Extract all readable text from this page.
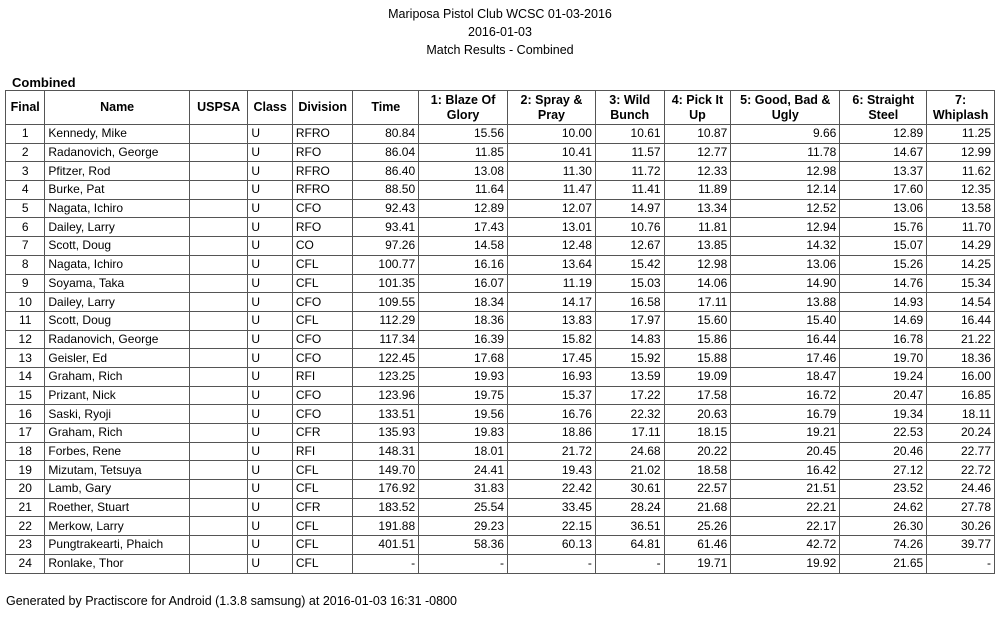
Mariposa Pistol Club WCSC 01-03-2016
2016-01-03
Match Results - Combined
Combined
Final	Name	USPSA	Class	Division	Time	1: Blaze Of Glory	2: Spray & Pray	3: Wild Bunch	4: Pick It Up	5: Good, Bad & Ugly	6: Straight Steel	7: Whiplash
1	Kennedy, Mike		U	RFRO	80.84	15.56	10.00	10.61	10.87	9.66	12.89	11.25
2	Radanovich, George		U	RFO	86.04	11.85	10.41	11.57	12.77	11.78	14.67	12.99
3	Pfitzer, Rod		U	RFRO	86.40	13.08	11.30	11.72	12.33	12.98	13.37	11.62
4	Burke, Pat		U	RFRO	88.50	11.64	11.47	11.41	11.89	12.14	17.60	12.35
5	Nagata, Ichiro		U	CFO	92.43	12.89	12.07	14.97	13.34	12.52	13.06	13.58
6	Dailey, Larry		U	RFO	93.41	17.43	13.01	10.76	11.81	12.94	15.76	11.70
7	Scott, Doug		U	CO	97.26	14.58	12.48	12.67	13.85	14.32	15.07	14.29
8	Nagata, Ichiro		U	CFL	100.77	16.16	13.64	15.42	12.98	13.06	15.26	14.25
9	Soyama, Taka		U	CFL	101.35	16.07	11.19	15.03	14.06	14.90	14.76	15.34
10	Dailey, Larry		U	CFO	109.55	18.34	14.17	16.58	17.11	13.88	14.93	14.54
11	Scott, Doug		U	CFL	112.29	18.36	13.83	17.97	15.60	15.40	14.69	16.44
12	Radanovich, George		U	CFO	117.34	16.39	15.82	14.83	15.86	16.44	16.78	21.22
13	Geisler, Ed		U	CFO	122.45	17.68	17.45	15.92	15.88	17.46	19.70	18.36
14	Graham, Rich		U	RFI	123.25	19.93	16.93	13.59	19.09	18.47	19.24	16.00
15	Prizant, Nick		U	CFO	123.96	19.75	15.37	17.22	17.58	16.72	20.47	16.85
16	Saski, Ryoji		U	CFO	133.51	19.56	16.76	22.32	20.63	16.79	19.34	18.11
17	Graham, Rich		U	CFR	135.93	19.83	18.86	17.11	18.15	19.21	22.53	20.24
18	Forbes, Rene		U	RFI	148.31	18.01	21.72	24.68	20.22	20.45	20.46	22.77
19	Mizutam, Tetsuya		U	CFL	149.70	24.41	19.43	21.02	18.58	16.42	27.12	22.72
20	Lamb, Gary		U	CFL	176.92	31.83	22.42	30.61	22.57	21.51	23.52	24.46
21	Roether, Stuart		U	CFR	183.52	25.54	33.45	28.24	21.68	22.21	24.62	27.78
22	Merkow, Larry		U	CFL	191.88	29.23	22.15	36.51	25.26	22.17	26.30	30.26
23	Pungtrakearti, Phaich		U	CFL	401.51	58.36	60.13	64.81	61.46	42.72	74.26	39.77
24	Ronlake, Thor		U	CFL	-	-	-	-	19.71	19.92	21.65	-
Generated by Practiscore for Android (1.3.8 samsung) at 2016-01-03 16:31 -0800
